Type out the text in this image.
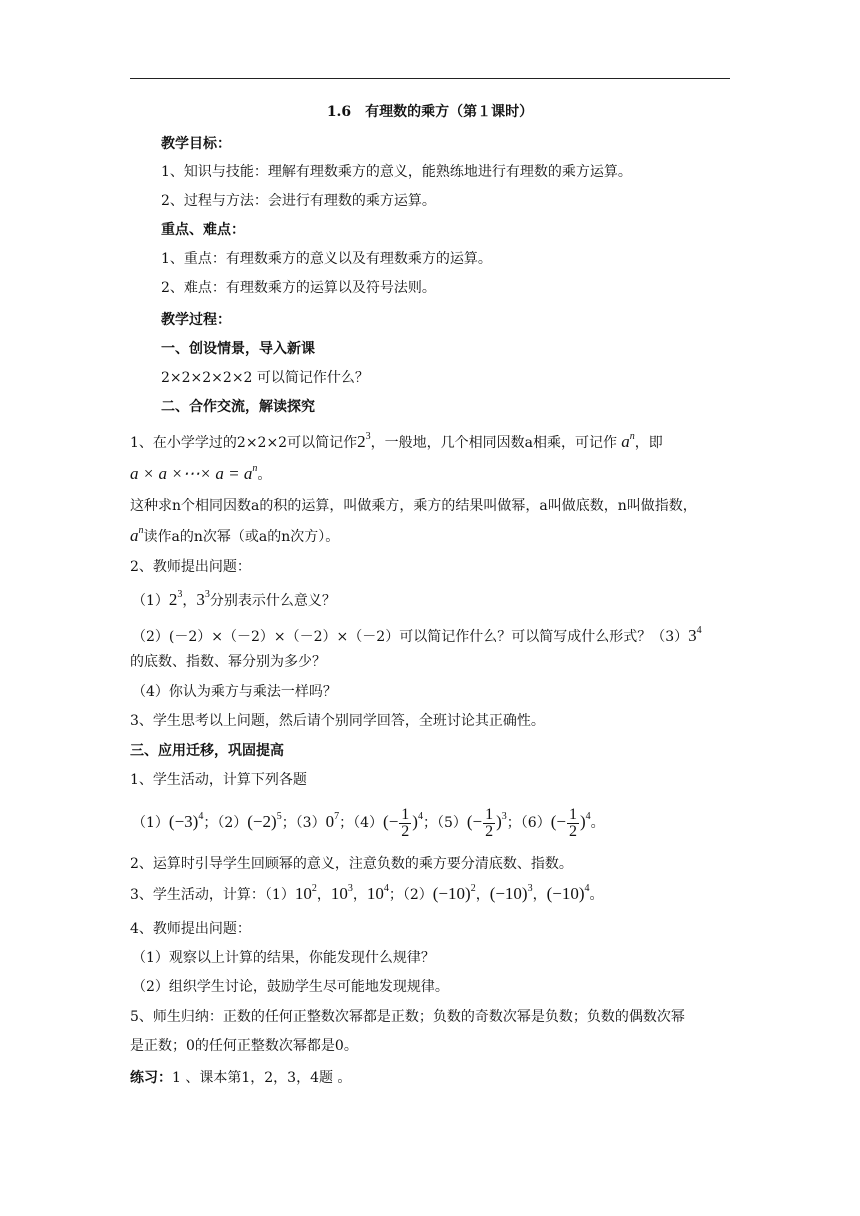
1.6　有理数的乘方（第１课时）
教学目标：
1、知识与技能：理解有理数乘方的意义，能熟练地进行有理数的乘方运算。
2、过程与方法：会进行有理数的乘方运算。
重点、难点：
1、重点：有理数乘方的意义以及有理数乘方的运算。
2、难点：有理数乘方的运算以及符号法则。
教学过程：
一、创设情景，导入新课
2×2×2×2×2 可以简记作什么？
二、合作交流，解读探究
1、在小学学过的2×2×2可以简记作$2^3$，一般地，几个相同因数a相乘，可记作 $a^n$，即
a × a ×⋯× $a = a^n$。
这种求n个相同因数a的积的运算，叫做乘方，乘方的结果叫做幂，a叫做底数，n叫做指数，
$a^n$读作a的n次幂（或a的n次方）。
2、教师提出问题：
$(1)2^3$，$3^3$分别表示什么意义？
（2）(－2）×（－2）×（－2）×（－2）可以简记作什么？可以简写成什么形式？$(3)3^4$
的底数、指数、幂分别为多少？
（4）你认为乘方与乘法一样吗？
3、学生思考以上问题，然后请个别同学回答，全班讨论其正确性。
三、应用迁移，巩固提高
1、学生活动，计算下列各题
$(1)(-3)^4$；$(2)(-2)^5$；$(3)0^7$；$(4)(- \frac{1}{2} )^4$；$(5)(- \frac{1}{2} )^3$；$(6)(- \frac{1}{2} )^4$。
2、运算时引导学生回顾幂的意义，注意负数的乘方要分清底数、指数。
3、学生活动，计算：$(1)10^2$，$10^3$，$10^4$；$(2)(-10)^2$，$(-10)^3$，$(-10)^4$。
4、教师提出问题：
（1）观察以上计算的结果，你能发现什么规律？
（2）组织学生讨论，鼓励学生尽可能地发现规律。
5、师生归纳：正数的任何正整数次幂都是正数；负数的奇数次幂是负数；负数的偶数次幂
是正数；0的任何正整数次幂都是0。
练习：1 、课本第1，2，3，4题 。
